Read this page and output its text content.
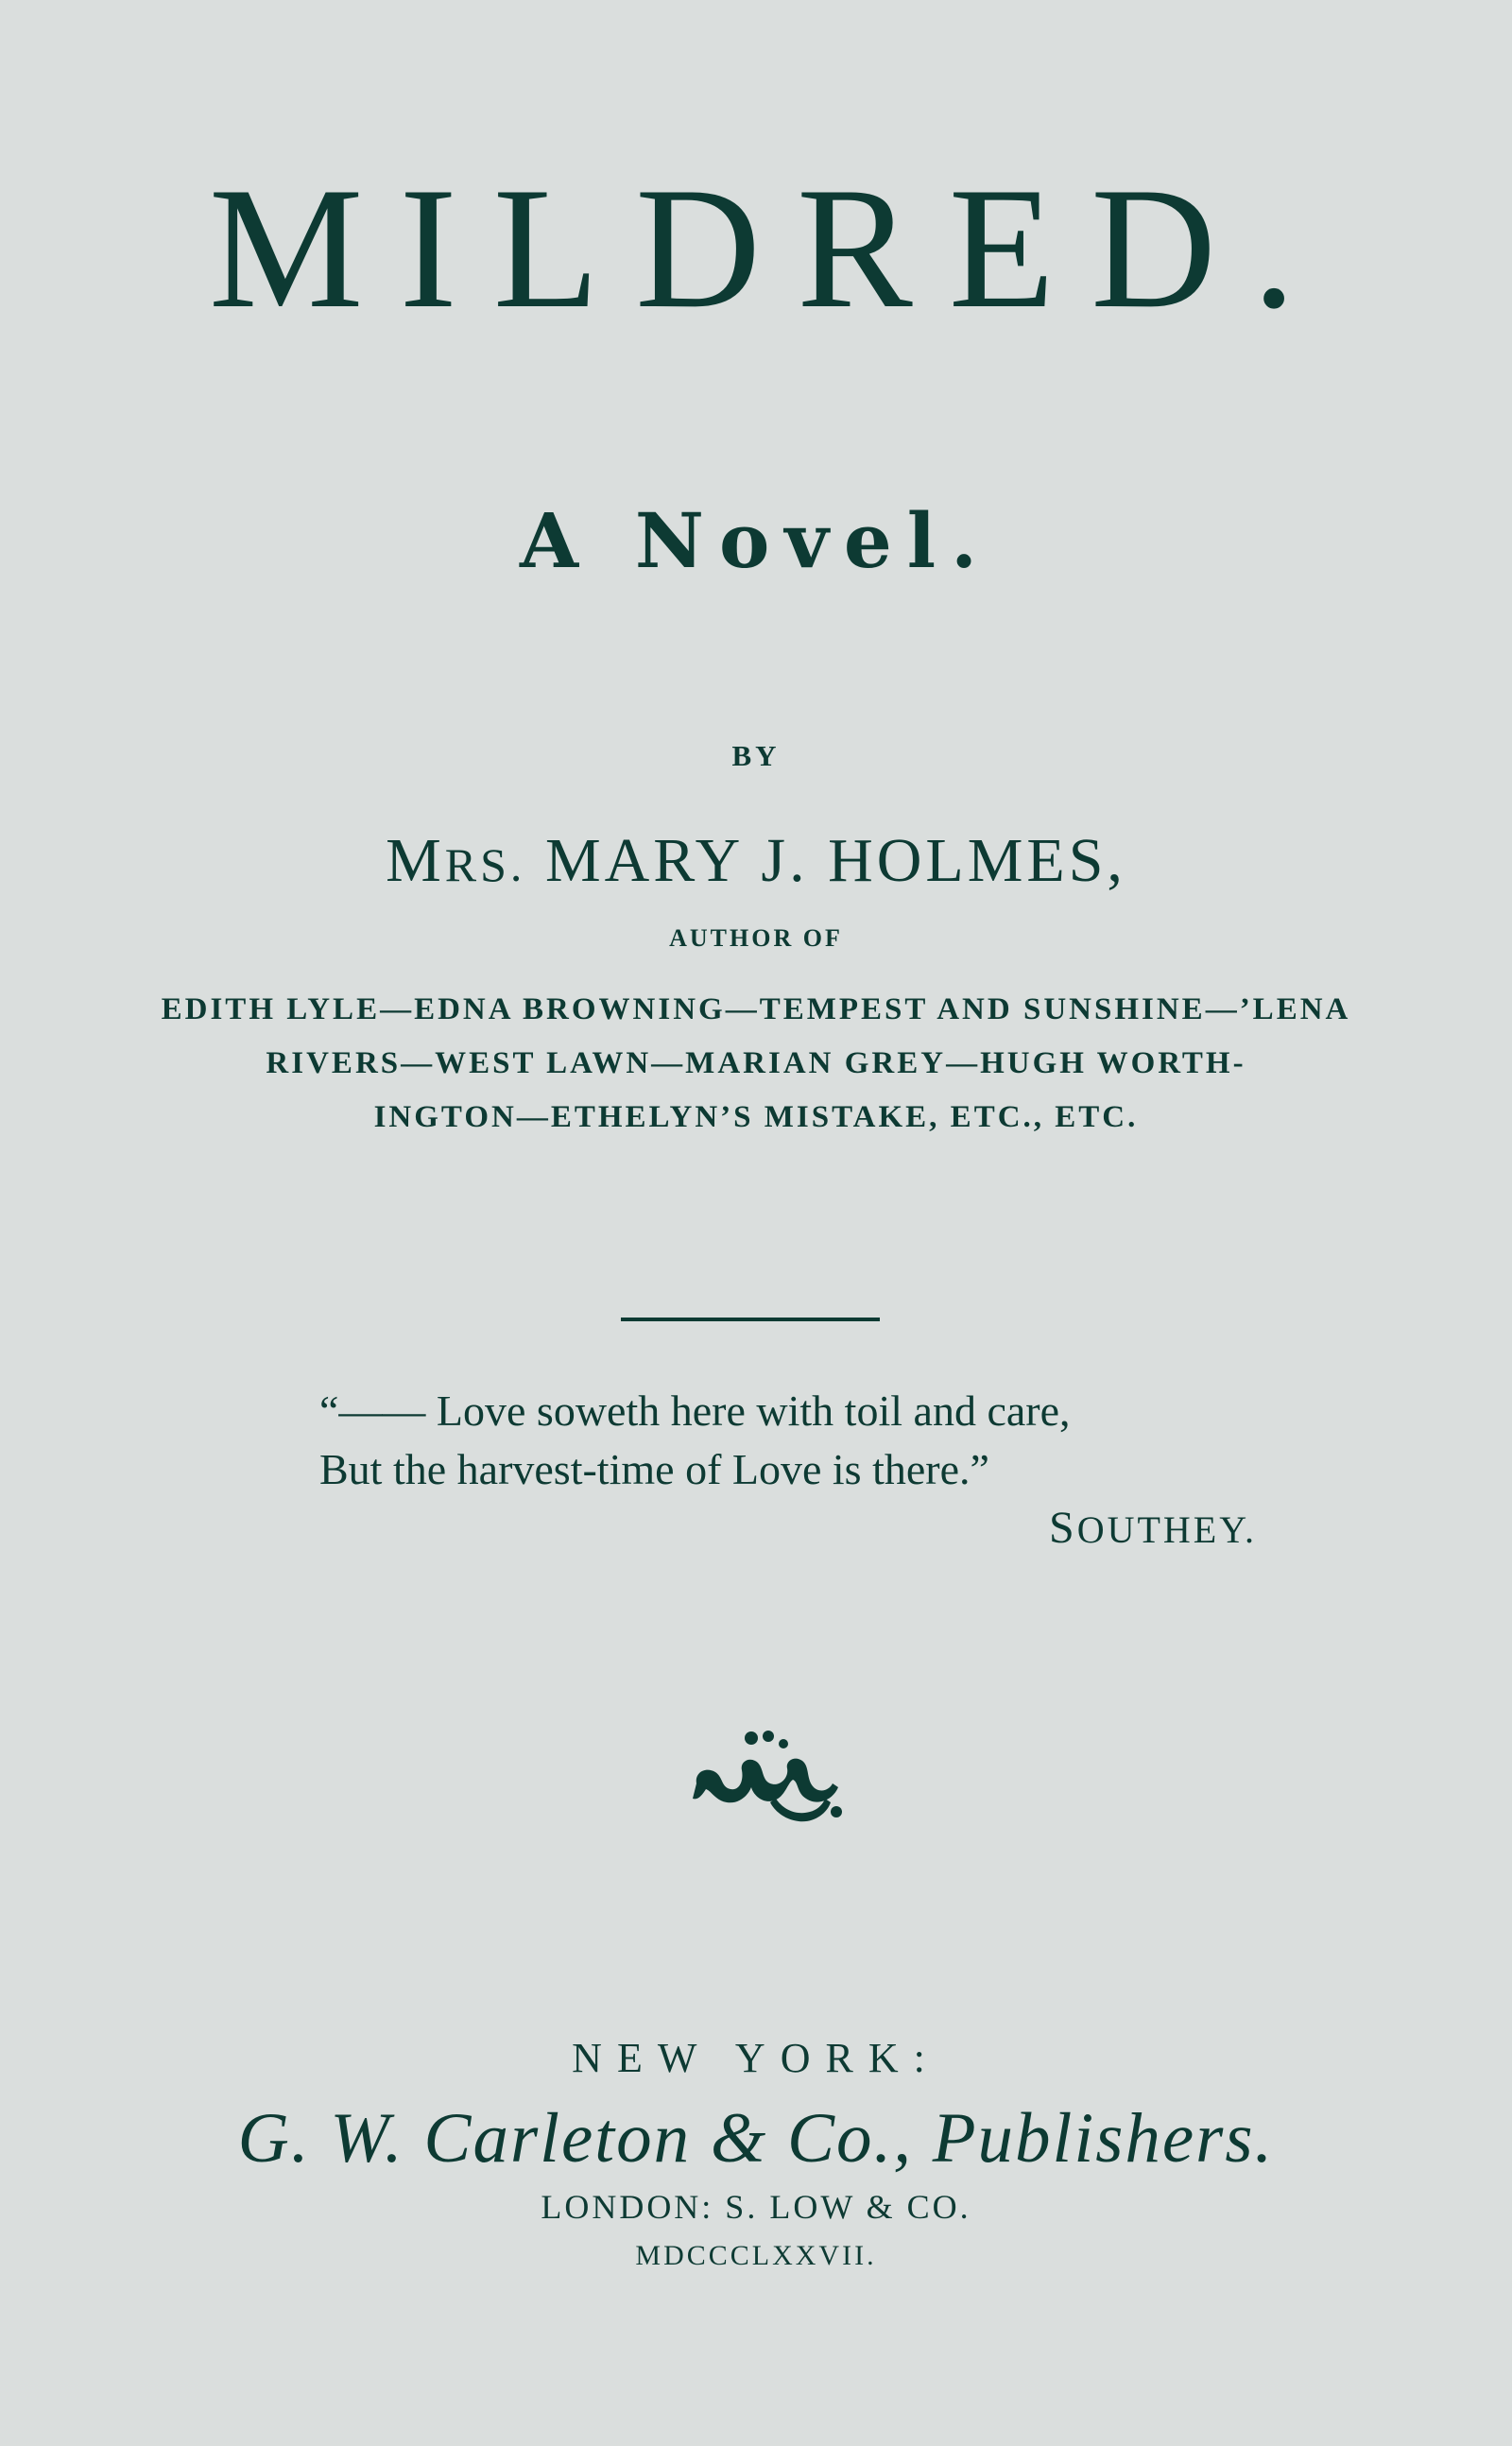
MILDRED.
A Novel.
BY
MRS. MARY J. HOLMES,
AUTHOR OF
EDITH LYLE—EDNA BROWNING—TEMPEST AND SUNSHINE—’LENA
RIVERS—WEST LAWN—MARIAN GREY—HUGH WORTH-
INGTON—ETHELYN’S MISTAKE, ETC., ETC.
“—— Love soweth here with toil and care,
But the harvest-time of Love is there.”
SOUTHEY.
NEW YORK:
G. W. Carleton & Co., Publishers.
LONDON: S. LOW & CO.
MDCCCLXXVII.
